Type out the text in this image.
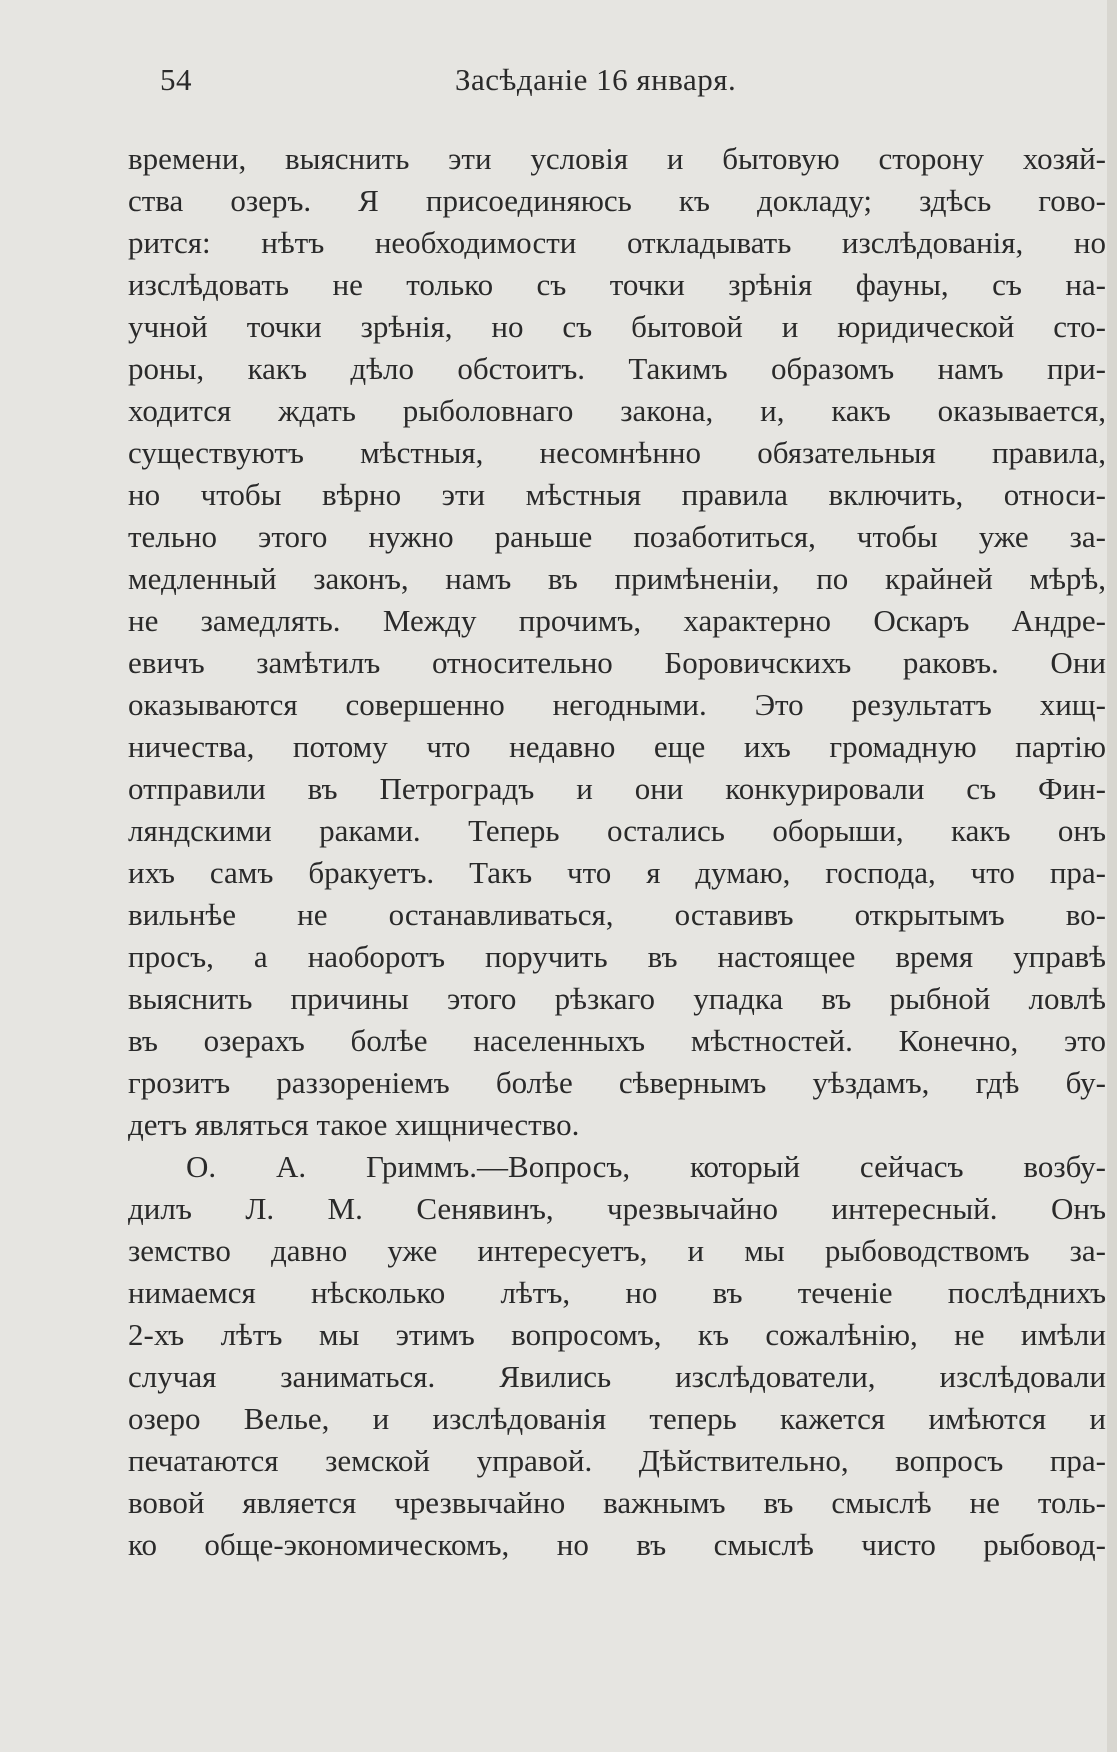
54	Засѣданіе 16 января.
времени, выяснить эти условія и бытовую сторону хозяй-
ства озеръ. Я присоединяюсь къ докладу; здѣсь гово-
рится: нѣтъ необходимости откладывать изслѣдованія, но
изслѣдовать не только съ точки зрѣнія фауны, съ на-
учной точки зрѣнія, но съ бытовой и юридической сто-
роны, какъ дѣло обстоитъ. Такимъ образомъ намъ при-
ходится ждать рыболовнаго закона, и, какъ оказывается,
существуютъ мѣстныя, несомнѣнно обязательныя правила,
но чтобы вѣрно эти мѣстныя правила включить, относи-
тельно этого нужно раньше позаботиться, чтобы уже за-
медленный законъ, намъ въ примѣненіи, по крайней мѣрѣ,
не замедлять. Между прочимъ, характерно Оскаръ Андре-
евичъ замѣтилъ относительно Боровичскихъ раковъ. Они
оказываются совершенно негодными. Это результатъ хищ-
ничества, потому что недавно еще ихъ громадную партію
отправили въ Петроградъ и они конкурировали съ Фин-
ляндскими раками. Теперь остались оборыши, какъ онъ
ихъ самъ бракуетъ. Такъ что я думаю, господа, что пра-
вильнѣе не останавливаться, оставивъ открытымъ во-
просъ, а наоборотъ поручить въ настоящее время управѣ
выяснить причины этого рѣзкаго упадка въ рыбной ловлѣ
въ озерахъ болѣе населенныхъ мѣстностей. Конечно, это
грозитъ раззореніемъ болѣе сѣвернымъ уѣздамъ, гдѣ бу-
детъ являться такое хищничество.
О. А. Гриммъ.—Вопросъ, который сейчасъ возбу-
дилъ Л. М. Сенявинъ, чрезвычайно интересный. Онъ
земство давно уже интересуетъ, и мы рыбоводствомъ за-
нимаемся нѣсколько лѣтъ, но въ теченіе послѣднихъ
2-хъ лѣтъ мы этимъ вопросомъ, къ сожалѣнію, не имѣли
случая заниматься. Явились изслѣдователи, изслѣдовали
озеро Велье, и изслѣдованія теперь кажется имѣются и
печатаются земской управой. Дѣйствительно, вопросъ пра-
вовой является чрезвычайно важнымъ въ смыслѣ не толь-
ко обще-экономическомъ, но въ смыслѣ чисто рыбовод-
